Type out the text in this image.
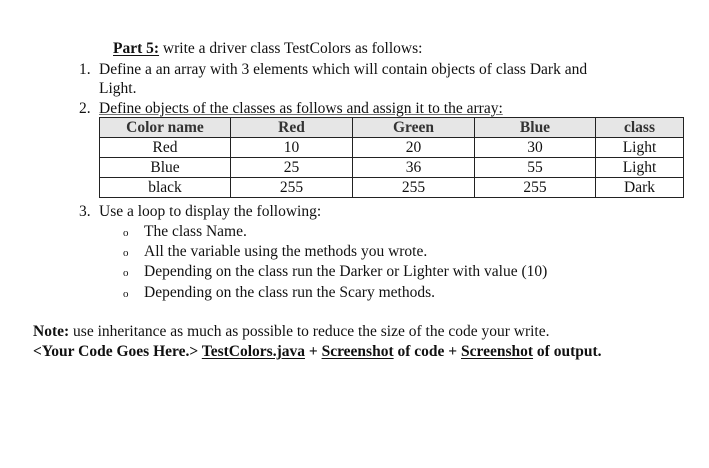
Part 5: write a driver class TestColors as follows:
1. Define a an array with 3 elements which will contain objects of class Dark and
Light.
2. Define objects of the classes as follows and assign it to the array:
Color name	Red	Green	Blue	class
Red	10	20	30	Light
Blue	25	36	55	Light
black	255	255	255	Dark
3. Use a loop to display the following:
o The class Name.
o All the variable using the methods you wrote.
o Depending on the class run the Darker or Lighter with value (10)
o Depending on the class run the Scary methods.
Note: use inheritance as much as possible to reduce the size of the code your write.
<Your Code Goes Here.> TestColors.java + Screenshot of code + Screenshot of output.
